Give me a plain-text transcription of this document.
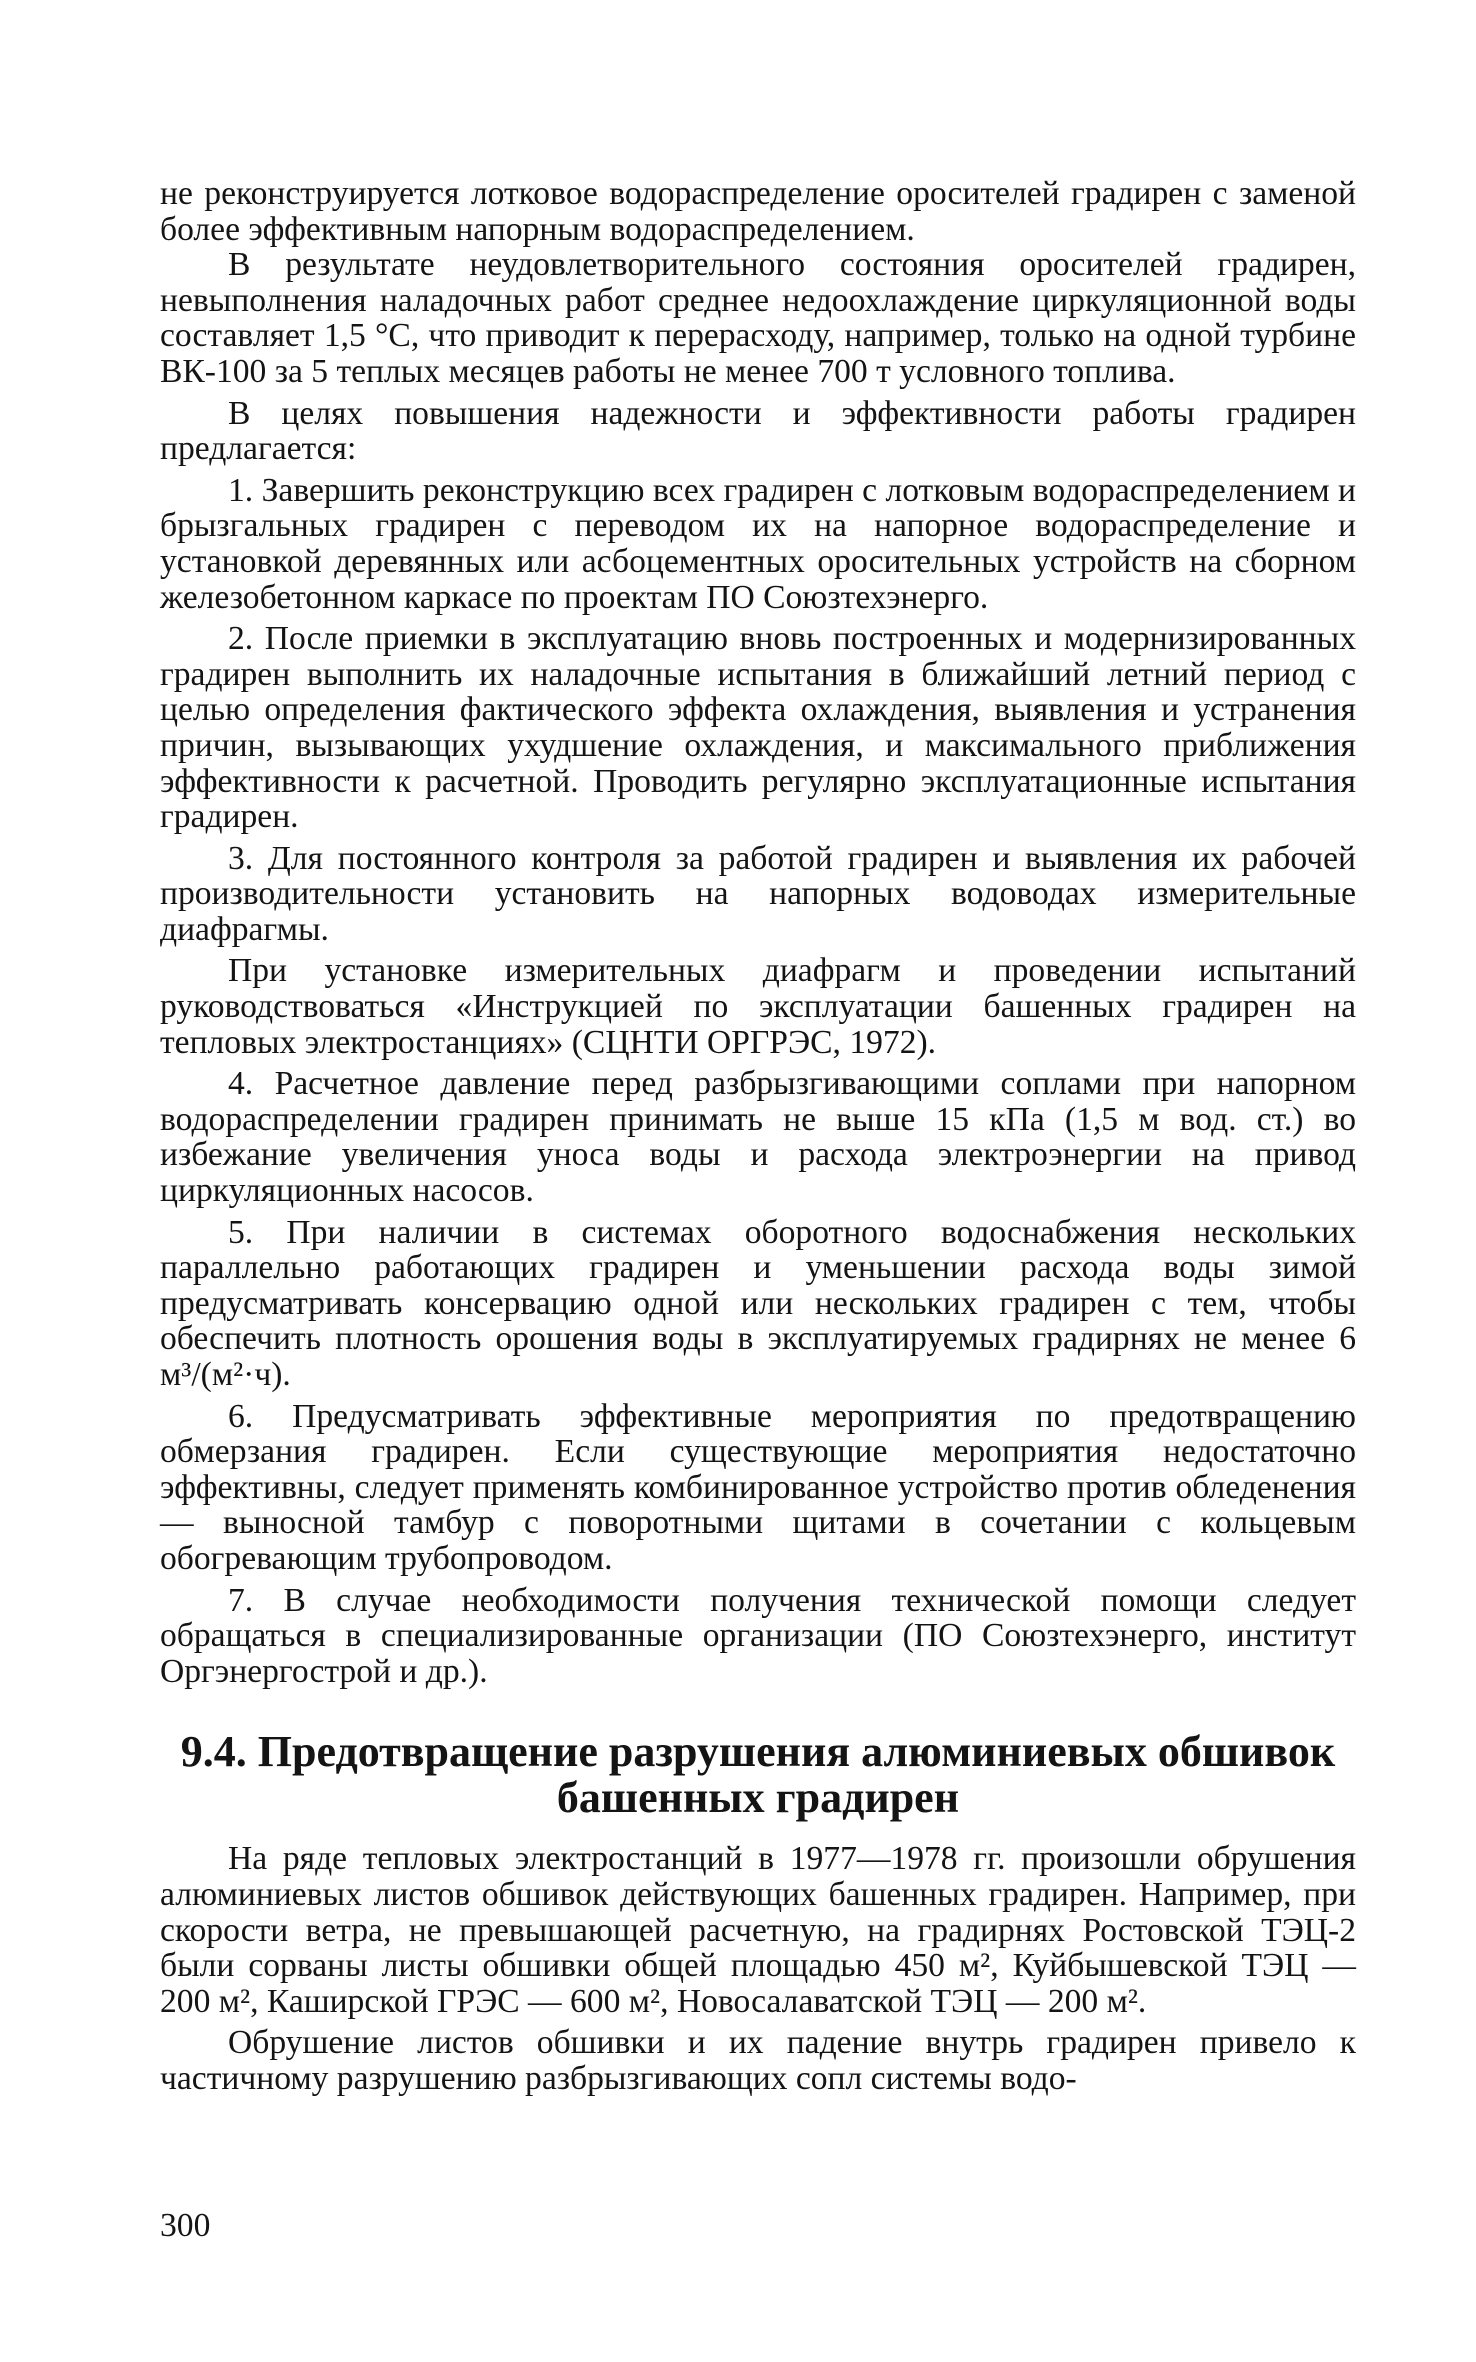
не реконструируется лотковое водораспределение оросителей градирен с заменой более эффективным напорным водораспределением.

В результате неудовлетворительного состояния оросителей градирен, невыполнения наладочных работ среднее недоохлаждение циркуляционной воды составляет 1,5 °С, что приводит к перерасходу, например, только на одной турбине ВК-100 за 5 теплых месяцев работы не менее 700 т условного топлива.

В целях повышения надежности и эффективности работы градирен предлагается:

1. Завершить реконструкцию всех градирен с лотковым водораспределением и брызгальных градирен с переводом их на напорное водораспределение и установкой деревянных или асбоцементных оросительных устройств на сборном железобетонном каркасе по проектам ПО Союзтехэнерго.

2. После приемки в эксплуатацию вновь построенных и модернизированных градирен выполнить их наладочные испытания в ближайший летний период с целью определения фактического эффекта охлаждения, выявления и устранения причин, вызывающих ухудшение охлаждения, и максимального приближения эффективности к расчетной. Проводить регулярно эксплуатационные испытания градирен.

3. Для постоянного контроля за работой градирен и выявления их рабочей производительности установить на напорных водоводах измерительные диафрагмы.

При установке измерительных диафрагм и проведении испытаний руководствоваться «Инструкцией по эксплуатации башенных градирен на тепловых электростанциях» (СЦНТИ ОРГРЭС, 1972).

4. Расчетное давление перед разбрызгивающими соплами при напорном водораспределении градирен принимать не выше 15 кПа (1,5 м вод. ст.) во избежание увеличения уноса воды и расхода электроэнергии на привод циркуляционных насосов.

5. При наличии в системах оборотного водоснабжения нескольких параллельно работающих градирен и уменьшении расхода воды зимой предусматривать консервацию одной или нескольких градирен с тем, чтобы обеспечить плотность орошения воды в эксплуатируемых градирнях не менее 6 м³/(м²·ч).

6. Предусматривать эффективные мероприятия по предотвращению обмерзания градирен. Если существующие мероприятия недостаточно эффективны, следует применять комбинированное устройство против обледенения — выносной тамбур с поворотными щитами в сочетании с кольцевым обогревающим трубопроводом.

7. В случае необходимости получения технической помощи следует обращаться в специализированные организации (ПО Союзтехэнерго, институт Оргэнергострой и др.).

9.4. Предотвращение разрушения алюминиевых обшивок
башенных градирен

На ряде тепловых электростанций в 1977—1978 гг. произошли обрушения алюминиевых листов обшивок действующих башенных градирен. Например, при скорости ветра, не превышающей расчетную, на градирнях Ростовской ТЭЦ-2 были сорваны листы обшивки общей площадью 450 м², Куйбышевской ТЭЦ — 200 м², Каширской ГРЭС — 600 м², Новосалаватской ТЭЦ — 200 м².

Обрушение листов обшивки и их падение внутрь градирен привело к частичному разрушению разбрызгивающих сопл системы водо-

300
